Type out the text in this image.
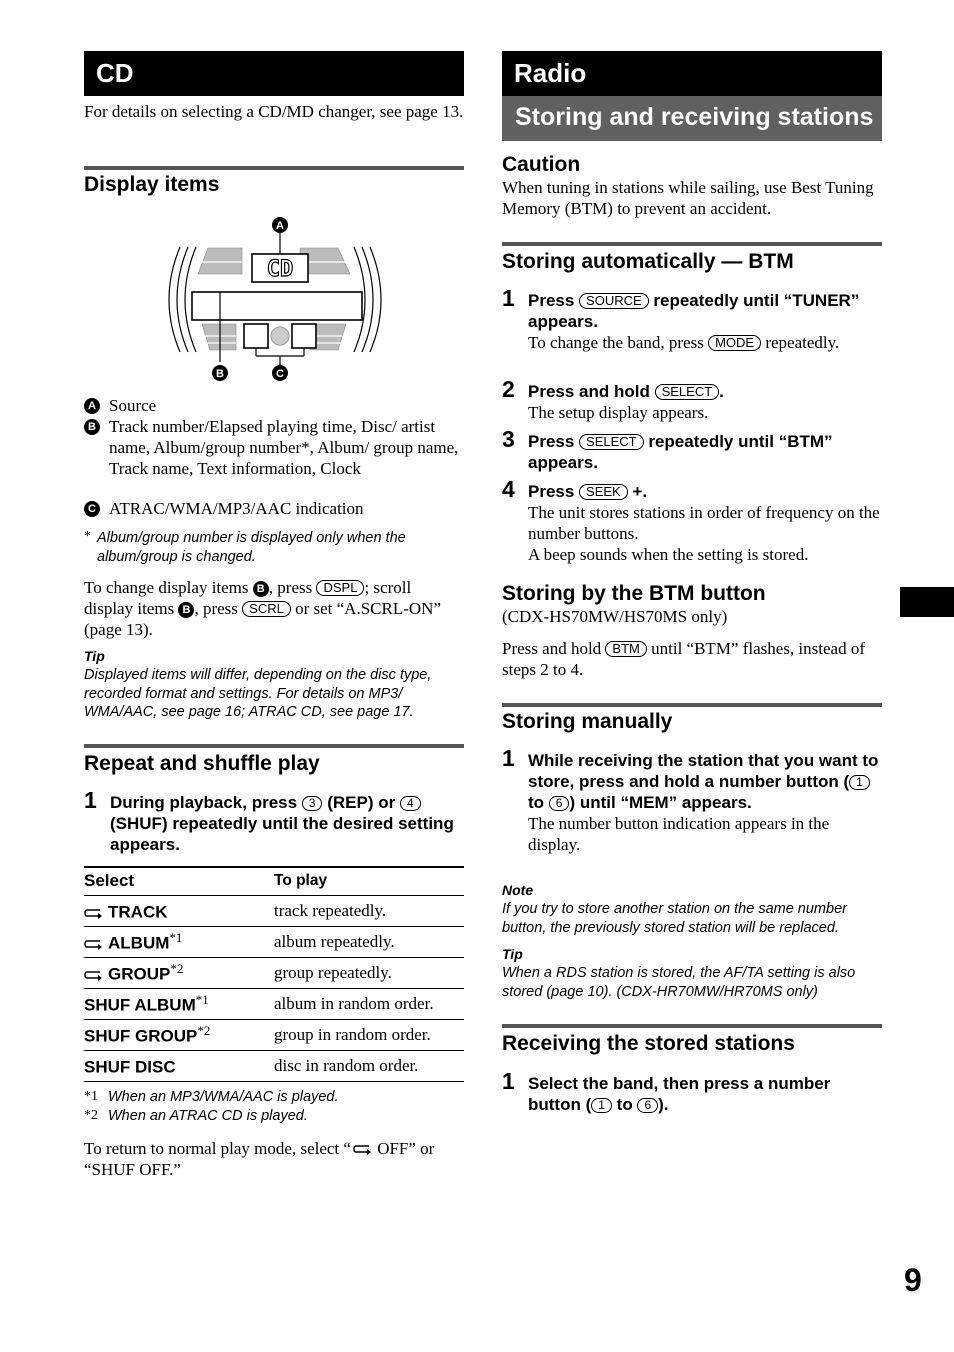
CD
For details on selecting a CD/MD changer, see page 13.
Display items
CD
A
B	C
A Source
B Track number/Elapsed playing time, Disc/ artist name, Album/group number*, Album/ group name, Track name, Text information, Clock
C ATRAC/WMA/MP3/AAC indication
* Album/group number is displayed only when the album/group is changed.
To change display items B , press DSPL ; scroll display items B , press SCRL or set “A.SCRL-ON” (page 13).
Tip
Displayed items will differ, depending on the disc type, recorded format and settings. For details on MP3/ WMA/AAC, see page 16; ATRAC CD, see page 17.
Repeat and shuffle play
1 During playback, press 3 (REP) or 4 (SHUF) repeatedly until the desired setting appears.
Select	To play
TRACK	track repeatedly.
ALBUM$^{*1}$	album repeatedly.
GROUP$^{*2}$	group repeatedly.
SHUF ALBUM$^{*1}$	album in random order.
SHUF GROUP$^{*2}$	group in random order.
SHUF DISC	disc in random order.
*1 When an MP3/WMA/AAC is played.
*2 When an ATRAC CD is played.
To return to normal play mode, select “ OFF” or “SHUF OFF.”
Radio
Storing and receiving stations
Caution
When tuning in stations while sailing, use Best Tuning Memory (BTM) to prevent an accident.
Storing automatically — BTM
1 Press SOURCE repeatedly until “TUNER” appears.
To change the band, press MODE repeatedly.
2 Press and hold SELECT .
The setup display appears.
3 Press SELECT repeatedly until “BTM” appears.
4 Press SEEK +.
The unit stores stations in order of frequency on the number buttons.
A beep sounds when the setting is stored.
Storing by the BTM button
(CDX-HS70MW/HS70MS only)
Press and hold BTM until “BTM” flashes, instead of steps 2 to 4.
Storing manually
1 While receiving the station that you want to store, press and hold a number button ( 1 to 6 ) until “MEM” appears.
The number button indication appears in the display.
Note
If you try to store another station on the same number button, the previously stored station will be replaced.
Tip
When a RDS station is stored, the AF/TA setting is also stored (page 10). (CDX-HR70MW/HR70MS only)
Receiving the stored stations
1 Select the band, then press a number button ( 1 to 6 ).
9
